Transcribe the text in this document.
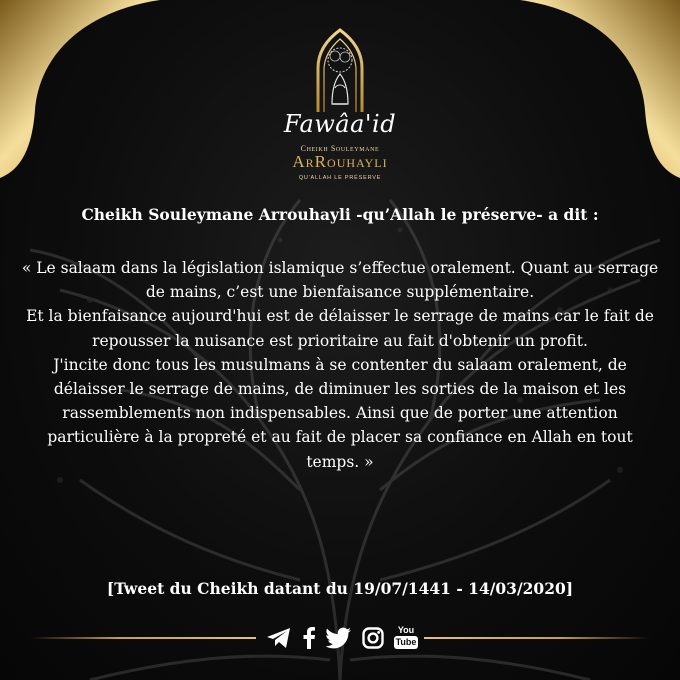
Fawâa'id
Cheikh Souleymane
ArRouhayli
QU'ALLAH LE PRÉSERVE
Cheikh Souleymane Arrouhayli -qu’Allah le préserve- a dit :

« Le salaam dans la législation islamique s’effectue oralement. Quant au serrage de mains, c’est une bienfaisance supplémentaire.

Et la bienfaisance aujourd'hui est de délaisser le serrage de mains car le fait de repousser la nuisance est prioritaire au fait d'obtenir un profit.

J'incite donc tous les musulmans à se contenter du salaam oralement, de délaisser le serrage de mains, de diminuer les sorties de la maison et les rassemblements non indispensables. Ainsi que de porter une attention particulière à la propreté et au fait de placer sa confiance en Allah en tout temps. »

[Tweet du Cheikh datant du 19/07/1441 - 14/03/2020]
You
Tube
